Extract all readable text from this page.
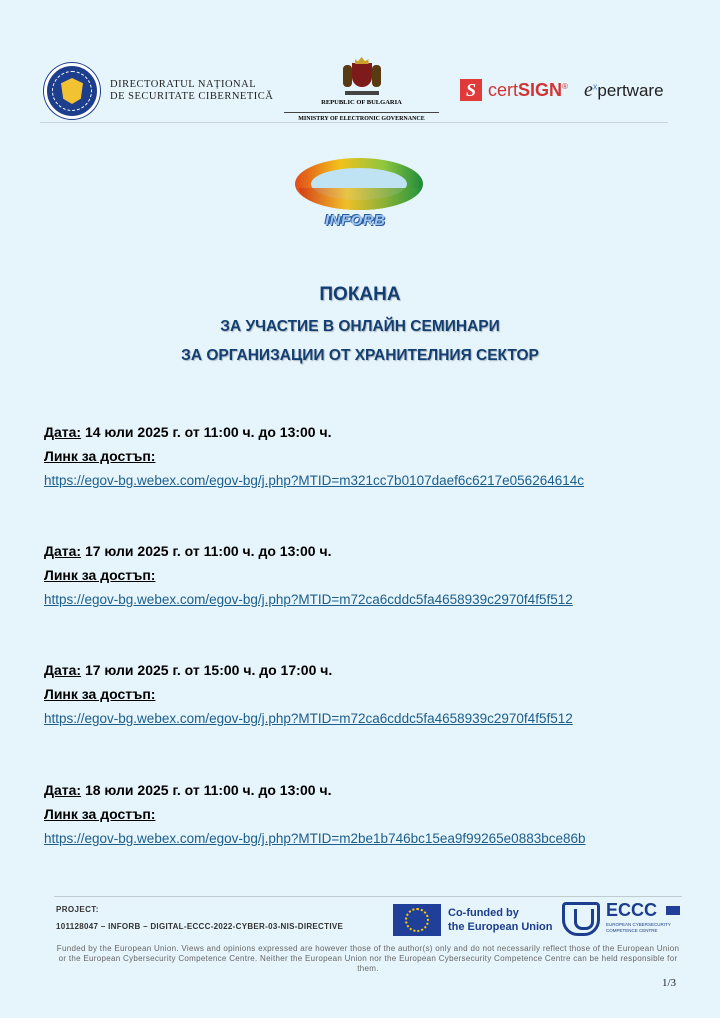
DIRECTORATUL NAȚIONAL
DE SECURITATE CIBERNETICĂ
REPUBLIC OF BULGARIA
MINISTRY OF ELECTRONIC GOVERNANCE
S certSIGN® $e^xpertware$
INFORB
ПОКАНА
ЗА УЧАСТИЕ В ОНЛАЙН СЕМИНАРИ
ЗА ОРГАНИЗАЦИИ ОТ ХРАНИТЕЛНИЯ СЕКТОР
Дата: 14 юли 2025 г. от 11:00 ч. до 13:00 ч.
Линк за достъп:
https://egov-bg.webex.com/egov-bg/j.php?MTID=m321cc7b0107daef6c6217e056264614c
Дата: 17 юли 2025 г. от 11:00 ч. до 13:00 ч.
Линк за достъп:
https://egov-bg.webex.com/egov-bg/j.php?MTID=m72ca6cddc5fa4658939c2970f4f5f512
Дата: 17 юли 2025 г. от 15:00 ч. до 17:00 ч.
Линк за достъп:
https://egov-bg.webex.com/egov-bg/j.php?MTID=m72ca6cddc5fa4658939c2970f4f5f512
Дата: 18 юли 2025 г. от 11:00 ч. до 13:00 ч.
Линк за достъп:
https://egov-bg.webex.com/egov-bg/j.php?MTID=m2be1b746bc15ea9f99265e0883bce86b
PROJECT:
101128047 – INFORB – DIGITAL-ECCC-2022-CYBER-03-NIS-DIRECTIVE
Co-funded by
the European Union
ECCC
EUROPEAN CYBERSECURITY COMPETENCE CENTRE
Funded by the European Union. Views and opinions expressed are however those of the author(s) only and do not necessarily reflect those of the European Union or the European Cybersecurity Competence Centre. Neither the European Union nor the European Cybersecurity Competence Centre can be held responsible for them.
1/3
